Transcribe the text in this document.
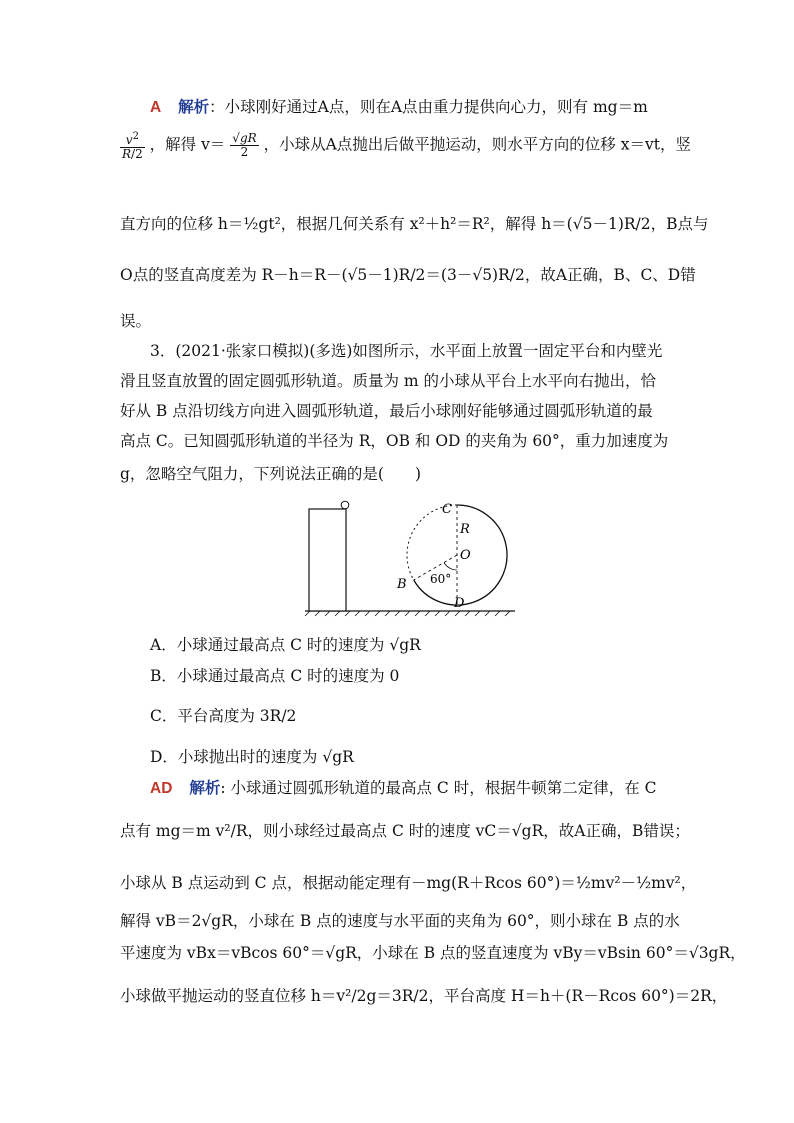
A 解析：小球刚好通过A点，则在A点由重力提供向心力，则有 mg＝m
$\frac{v^2}{R/2}$ ，解得 $v= \frac{√gR}{2}$ ，小球从A点抛出后做平抛运动，则水平方向的位移 x＝vt，竖
直方向的位移 h＝½gt²，根据几何关系有 x²＋h²＝R²，解得 h＝(√5－1)R/2，B点与
O点的竖直高度差为 R－h＝R－(√5－1)R/2＝(3－√5)R/2，故A正确，B、C、D错
误。
3．(2021·张家口模拟)(多选)如图所示，水平面上放置一固定平台和内壁光
滑且竖直放置的固定圆弧形轨道。质量为 m 的小球从平台上水平向右抛出，恰
好从 B 点沿切线方向进入圆弧形轨道，最后小球刚好能够通过圆弧形轨道的最
高点 C。已知圆弧形轨道的半径为 R，OB 和 OD 的夹角为 60°，重力加速度为
g，忽略空气阻力，下列说法正确的是(　　)
C
R
O
60°
B
D
A．小球通过最高点 C 时的速度为 √gR
B．小球通过最高点 C 时的速度为 0
C．平台高度为 3R/2
D．小球抛出时的速度为 √gR
AD 解析: 小球通过圆弧形轨道的最高点 C 时，根据牛顿第二定律，在 C
点有 mg＝m v²/R，则小球经过最高点 C 时的速度 vC＝√gR，故A正确，B错误；
小球从 B 点运动到 C 点，根据动能定理有－mg(R＋Rcos 60°)＝½mv²－½mv²，
解得 vB＝2√gR，小球在 B 点的速度与水平面的夹角为 60°，则小球在 B 点的水
平速度为 vBx＝vBcos 60°＝√gR，小球在 B 点的竖直速度为 vBy＝vBsin 60°＝√3gR，
小球做平抛运动的竖直位移 h＝v²/2g＝3R/2，平台高度 H＝h＋(R－Rcos 60°)＝2R，
